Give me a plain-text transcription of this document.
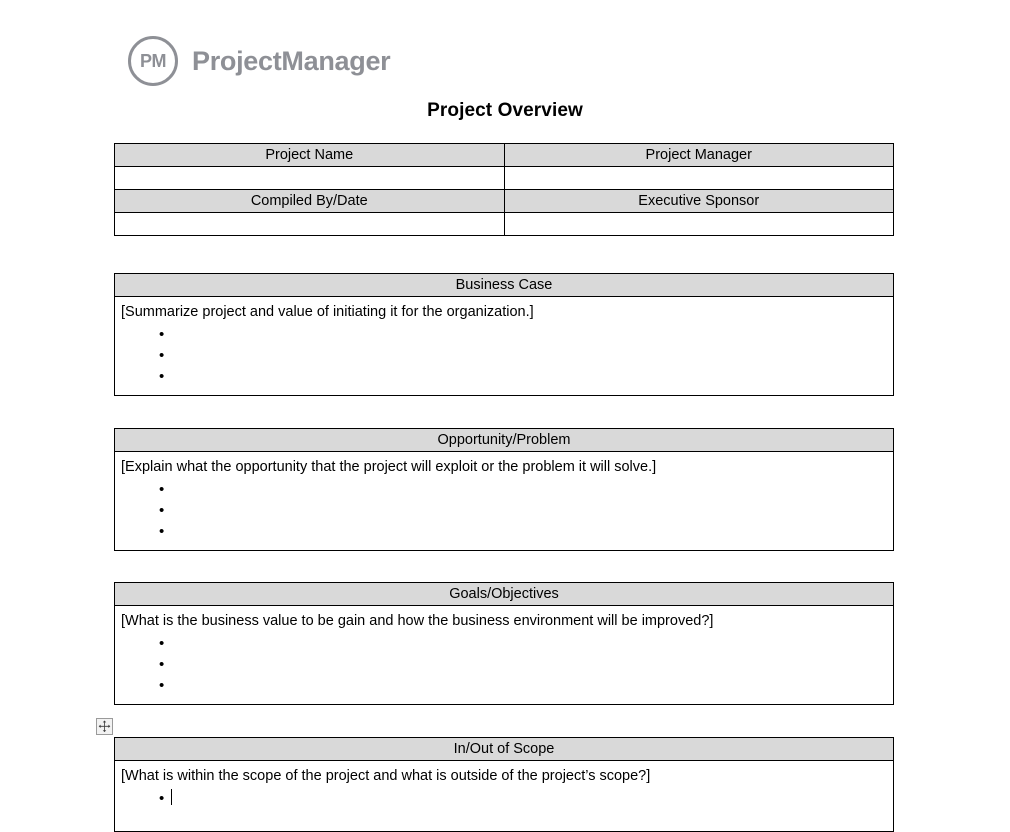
PM ProjectManager
Project Overview
Project Name	Project Manager

Compiled By/Date	Executive Sponsor

Business Case

[Summarize project and value of initiating it for the organization.]

•
•
•
Opportunity/Problem

[Explain what the opportunity that the project will exploit or the problem it will solve.]

•
•
•
Goals/Objectives

[What is the business value to be gain and how the business environment will be improved?]

•
•
•
In/Out of Scope

[What is within the scope of the project and what is outside of the project’s scope?]

•
